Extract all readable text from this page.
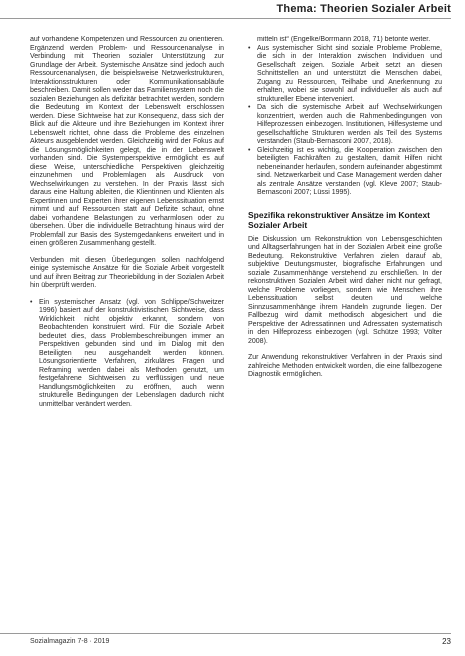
Thema: Theorien Sozialer Arbeit

auf vorhandene Kompetenzen und Ressourcen zu orientieren. Ergänzend werden Problem- und Ressourcenanalyse in Verbindung mit Theorien sozialer Unterstützung zur Grundlage der Arbeit. Systemische Ansätze sind jedoch auch Ressourcenanalysen, die beispielsweise Netzwerkstrukturen, Interaktionsstrukturen oder Kommunikationsabläufe beschreiben. Damit sollen weder das Familiensystem noch die sozialen Beziehungen als defizitär betrachtet werden, sondern die Bedeutung im Kontext der Lebenswelt erschlossen werden. Diese Sichtweise hat zur Konsequenz, dass sich der Blick auf die Akteure und ihre Beziehungen im Kontext ihrer Lebenswelt richtet, ohne dass die Probleme des einzelnen Akteurs ausgeblendet werden. Gleichzeitig wird der Fokus auf die Lösungsmöglichkeiten gelegt, die in der Lebenswelt vorhanden sind. Die Systemperspektive ermöglicht es auf diese Weise, unterschiedliche Perspektiven gleichzeitig einzunehmen und Problemlagen als Ausdruck von Wechselwirkungen zu verstehen. In der Praxis lässt sich daraus eine Haltung ableiten, die Klientinnen und Klienten als Expertinnen und Experten ihrer eigenen Lebenssituation ernst nimmt und auf Ressourcen statt auf Defizite schaut, ohne dabei vorhandene Belastungen zu verharmlosen oder zu übersehen. Über die individuelle Betrachtung hinaus wird der Problemfall zur Basis des Systemgedankens erweitert und in einen größeren Zusammenhang gestellt.

Verbunden mit diesen Überlegungen sollen nachfolgend einige systemische Ansätze für die Soziale Arbeit vorgestellt und auf ihren Beitrag zur Theoriebildung in der Sozialen Arbeit hin überprüft werden.

• Ein systemischer Ansatz (vgl. von Schlippe/Schweitzer 1996) basiert auf der konstruktivistischen Sichtweise, dass Wirklichkeit nicht objektiv erkannt, sondern von Beobachtenden konstruiert wird. Für die Soziale Arbeit bedeutet dies, dass Problembeschreibungen immer an Perspektiven gebunden sind und im Dialog mit den Beteiligten neu ausgehandelt werden können. Lösungsorientierte Verfahren, zirkuläres Fragen und Reframing werden dabei als Methoden genutzt, um festgefahrene Sichtweisen zu verflüssigen und neue Handlungsmöglichkeiten zu eröffnen, auch wenn strukturelle Bedingungen der Lebenslagen dadurch nicht unmittelbar verändert werden.
mitteln ist“ (Engelke/Borrmann 2018, 71) betonte weiter.
• Aus systemischer Sicht sind soziale Probleme Probleme, die sich in der Interaktion zwischen Individuen und Gesellschaft zeigen. Soziale Arbeit setzt an diesen Schnittstellen an und unterstützt die Menschen dabei, Zugang zu Ressourcen, Teilhabe und Anerkennung zu erhalten, wobei sie sowohl auf individueller als auch auf struktureller Ebene interveniert.
• Da sich die systemische Arbeit auf Wechselwirkungen konzentriert, werden auch die Rahmenbedingungen von Hilfeprozessen einbezogen. Institutionen, Hilfesysteme und gesellschaftliche Strukturen werden als Teil des Systems verstanden (Staub-Bernasconi 2007, 2018).
• Gleichzeitig ist es wichtig, die Kooperation zwischen den beteiligten Fachkräften zu gestalten, damit Hilfen nicht nebeneinander herlaufen, sondern aufeinander abgestimmt sind. Netzwerkarbeit und Case Management werden daher als zentrale Ansätze verstanden (vgl. Kleve 2007; Staub-Bernasconi 2007; Lüssi 1995).
Spezifika rekonstruktiver Ansätze im Kontext Sozialer Arbeit

Die Diskussion um Rekonstruktion von Lebensgeschichten und Alltagserfahrungen hat in der Sozialen Arbeit eine große Bedeutung. Rekonstruktive Verfahren zielen darauf ab, subjektive Deutungsmuster, biografische Erfahrungen und soziale Zusammenhänge verstehend zu erschließen. In der rekonstruktiven Sozialen Arbeit wird daher nicht nur gefragt, welche Probleme vorliegen, sondern wie Menschen ihre Lebenssituation selbst deuten und welche Sinnzusammenhänge ihrem Handeln zugrunde liegen. Der Fallbezug wird damit methodisch abgesichert und die Perspektive der Adressatinnen und Adressaten systematisch in den Hilfeprozess einbezogen (vgl. Schütze 1993; Völter 2008).

Zur Anwendung rekonstruktiver Verfahren in der Praxis sind zahlreiche Methoden entwickelt worden, die eine fallbezogene Diagnostik ermöglichen.

Sozialmagazin 7-8 · 2019	23
